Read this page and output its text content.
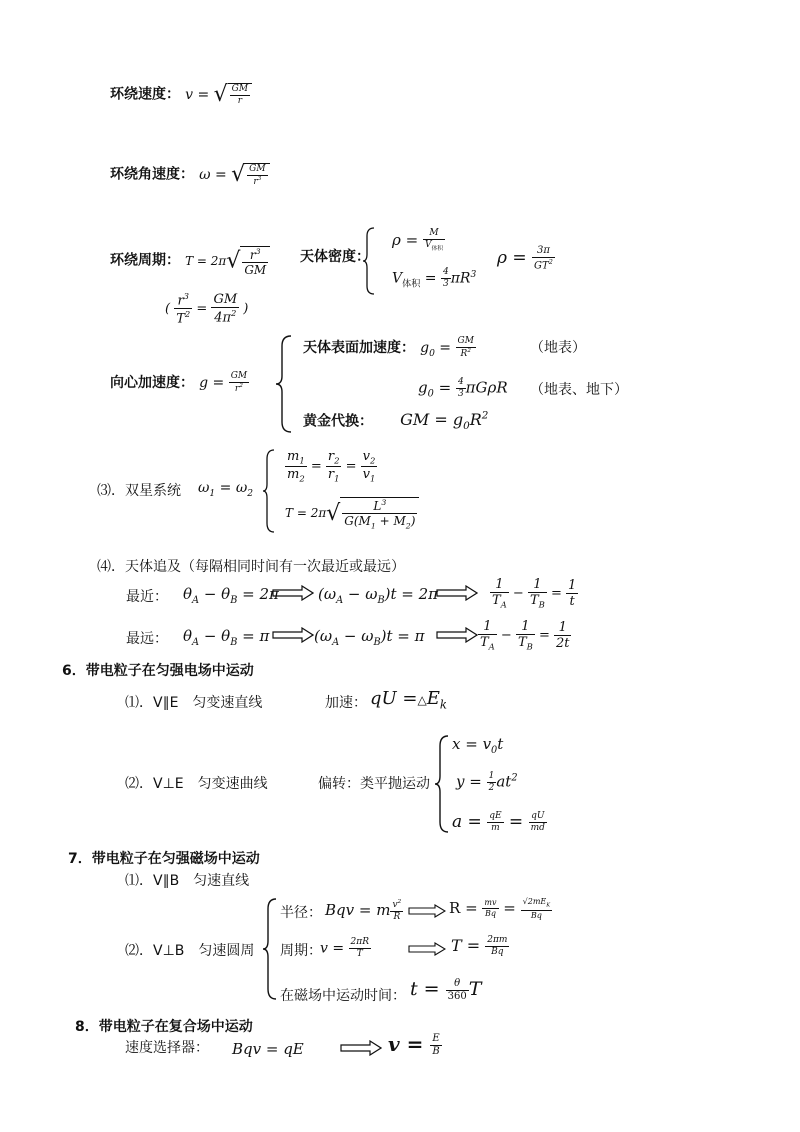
环绕速度： v = √ $\frac{GM}{r}$
环绕角速度： ω = √ $\frac{GM}{r^3}$
环绕周期： $T = 2\pi√ \frac{r^3}{GM}$
( $\frac{r^3}{T^2} = \frac{GM}{4\pi^2}$ )
天体密度：
$\rho = \frac{M}{V_{体积}}$
$V_{体积} = \frac{4}{3} \pi R^3$
$\rho = \frac{3\pi}{GT^2}$
向心加速度： $g = \frac{GM}{r^2}$
天体表面加速度： $g_0 = \frac{GM}{R^2}$	（地表）
$g_0 = \frac{4}{3}$ πGρR （地表、地下）
黄金代换： GM = $g_0R^2$
⑶．双星系统 $\omega_1 = \omega_2$
$\frac{m_1}{m_2} = \frac{r_2}{r_1} = \frac{v_2}{v_1}$
$T = 2\pi√ \frac{L^3}{G(M_1 + M_2)}$
⑷．天体追及（每隔相同时间有一次最近或最远）
最近： $\theta_A - \theta_B = 2\pi$	$(\omega_A - \omega_B)t = 2\pi$	$\frac{1}{T_A} - \frac{1}{T_B} = \frac{1}{t}$
最远： $\theta_A - \theta_B = \pi$	$(\omega_A - \omega_B)t = \pi$	$\frac{1}{T_A} - \frac{1}{T_B} = \frac{1}{2t}$
6．带电粒子在匀强电场中运动
⑴．V∥E　匀变速直线	加速： qU $=\triangle E_k$
⑵．V⊥E　匀变速曲线	偏转：类平抛运动
$x = v_0t$
$y = \frac{1}{2} at^2$
$a = \frac{qE}{m} = \frac{qU}{md}$
7．带电粒子在匀强磁场中运动
⑴．V∥B　匀速直线
⑵．V⊥B　匀速圆周
半径： Bqv = m $\frac{v^2}{R}$	$R = \frac{mv}{Bq} = \frac{√2mE_K}{Bq}$
周期：
$v = \frac{2\pi R}{T}$	$T = \frac{2\pi m}{Bq}$
在磁场中运动时间： $t = \frac{\theta}{360}$ T
8．带电粒子在复合场中运动
速度选择器： Bqv = qE	$v = \frac{E}{B}$
